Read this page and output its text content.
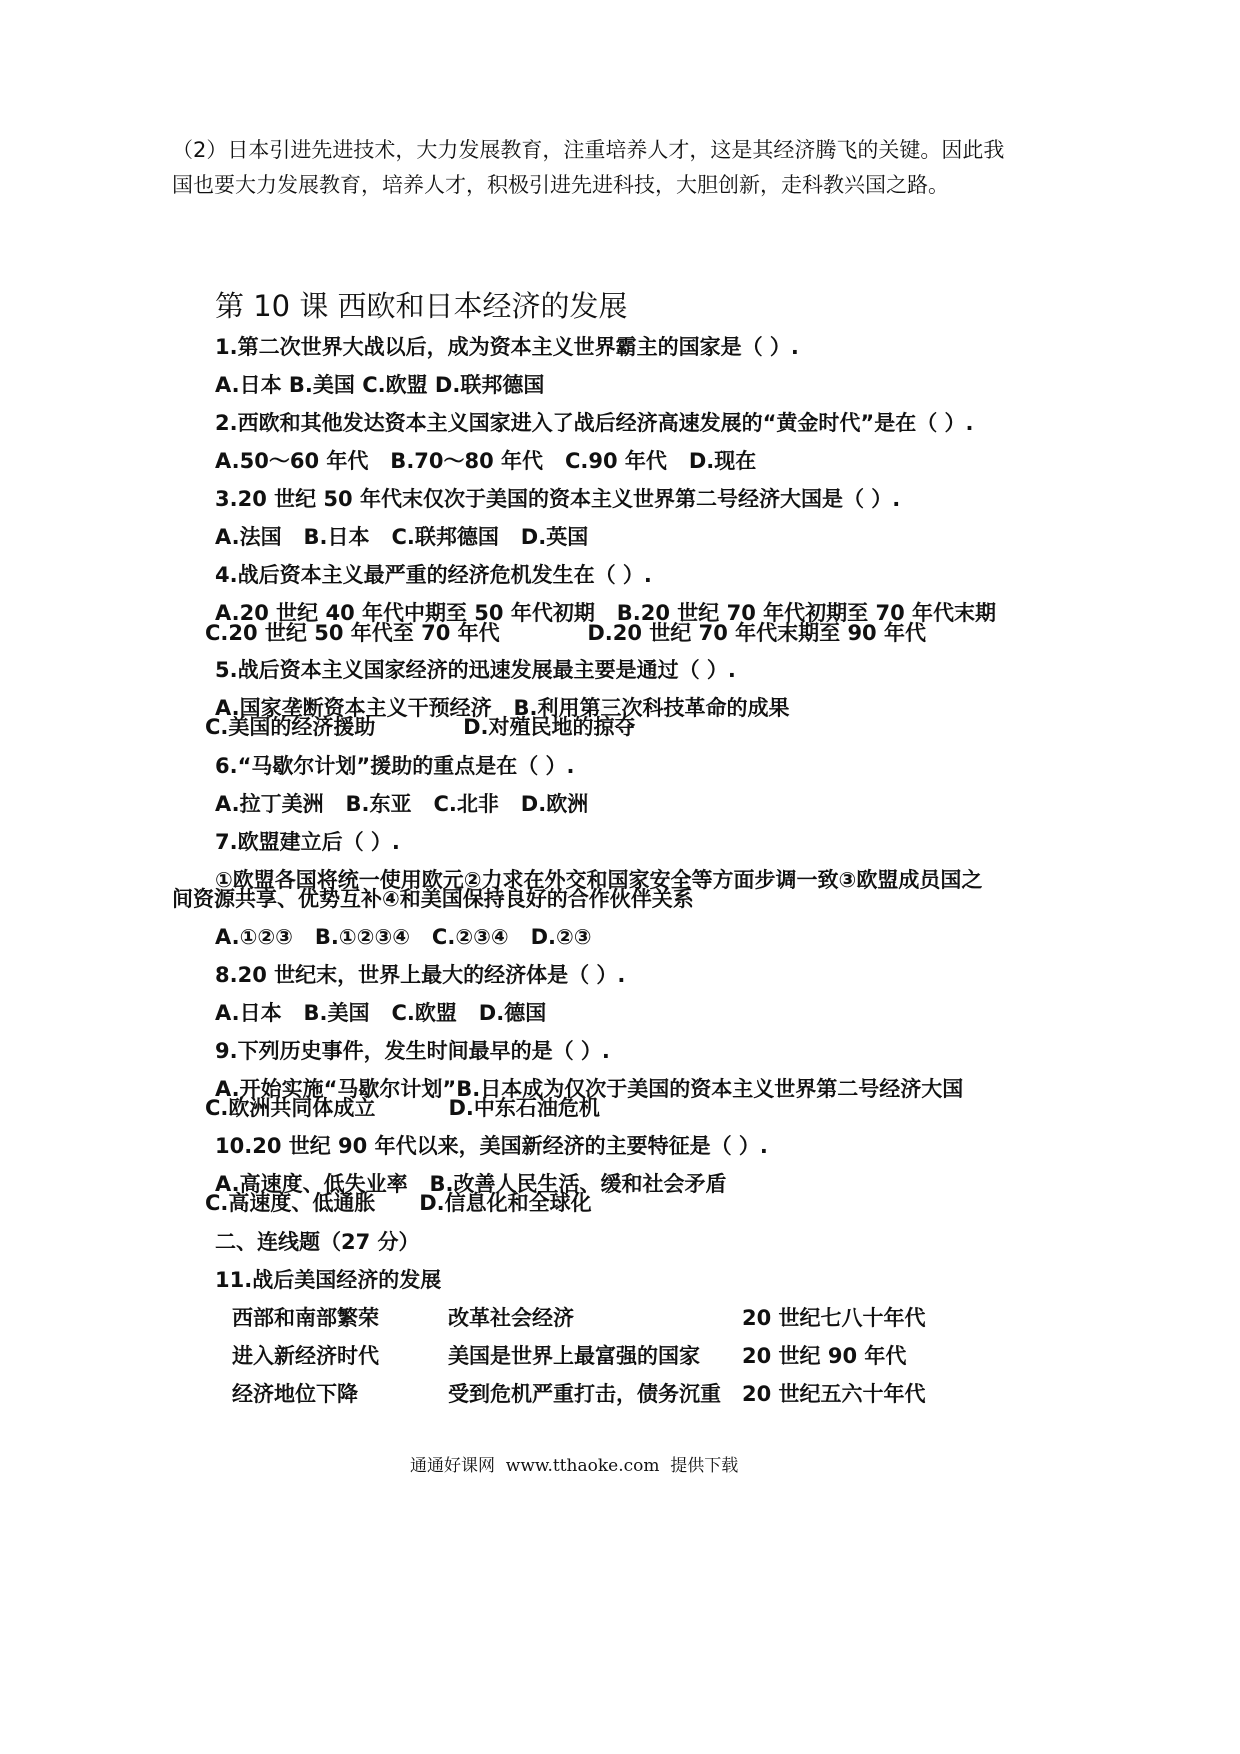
（2）日本引进先进技术，大力发展教育，注重培养人才，这是其经济腾飞的关键。因此我
国也要大力发展教育，培养人才，积极引进先进科技，大胆创新，走科教兴国之路。
第 10 课 西欧和日本经济的发展
1.第二次世界大战以后，成为资本主义世界霸主的国家是（ ）.
A.日本 B.美国 C.欧盟 D.联邦德国
2.西欧和其他发达资本主义国家进入了战后经济高速发展的“黄金时代”是在（ ）.
A.50～60 年代   B.70～80 年代   C.90 年代   D.现在
3.20 世纪 50 年代末仅次于美国的资本主义世界第二号经济大国是（ ）.
A.法国   B.日本   C.联邦德国   D.英国
4.战后资本主义最严重的经济危机发生在（ ）.
A.20 世纪 40 年代中期至 50 年代初期   B.20 世纪 70 年代初期至 70 年代末期
C.20 世纪 50 年代至 70 年代            D.20 世纪 70 年代末期至 90 年代
5.战后资本主义国家经济的迅速发展最主要是通过（ ）.
A.国家垄断资本主义干预经济   B.利用第三次科技革命的成果
C.美国的经济援助            D.对殖民地的掠夺
6.“马歇尔计划”援助的重点是在（ ）.
A.拉丁美洲   B.东亚   C.北非   D.欧洲
7.欧盟建立后（ ）.
①欧盟各国将统一使用欧元②力求在外交和国家安全等方面步调一致③欧盟成员国之
间资源共享、优势互补④和美国保持良好的合作伙伴关系
A.①②③   B.①②③④   C.②③④   D.②③
8.20 世纪末，世界上最大的经济体是（ ）.
A.日本   B.美国   C.欧盟   D.德国
9.下列历史事件，发生时间最早的是（ ）.
A.开始实施“马歇尔计划”B.日本成为仅次于美国的资本主义世界第二号经济大国
C.欧洲共同体成立          D.中东石油危机
10.20 世纪 90 年代以来，美国新经济的主要特征是（ ）.
A.高速度、低失业率   B.改善人民生活、缓和社会矛盾
C.高速度、低通胀      D.信息化和全球化
二、连线题（27 分）
11.战后美国经济的发展
西部和南部繁荣	改革社会经济	20 世纪七八十年代
进入新经济时代	美国是世界上最富强的国家 20 世纪 90 年代
经济地位下降	受到危机严重打击，债务沉重 20 世纪五六十年代
通通好课网  www.tthaoke.com  提供下载
